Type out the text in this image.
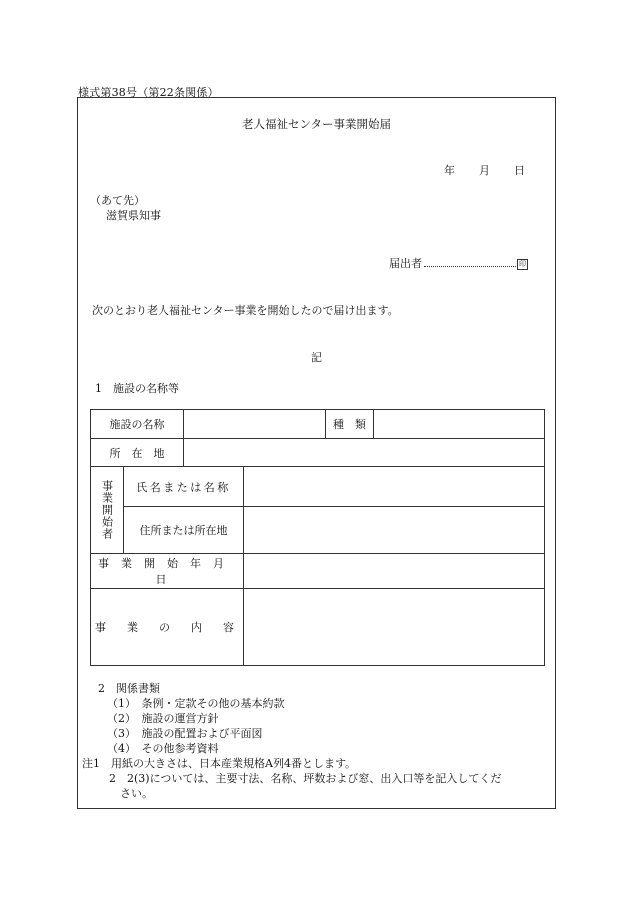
様式第38号（第22条関係）
老人福祉センター事業開始届
年 月 日
（あて先）
滋賀県知事
届出者	印
次のとおり老人福祉センター事業を開始したので届け出ます。
記
1　施設の名称等
施設の名称				種　類	
所　在　地					

事業開始者	氏名または名称				
	住所または所在地				
事業開始年月日					
事　業　の　内　容					
2　関係書類
（1）　条例・定款その他の基本約款
（2）　施設の運営方針
（3）　施設の配置および平面図
（4）　その他参考資料
注1　用紙の大きさは、日本産業規格A列4番とします。
2　2(3)については、主要寸法、名称、坪数および窓、出入口等を記入してくだ
さい。
